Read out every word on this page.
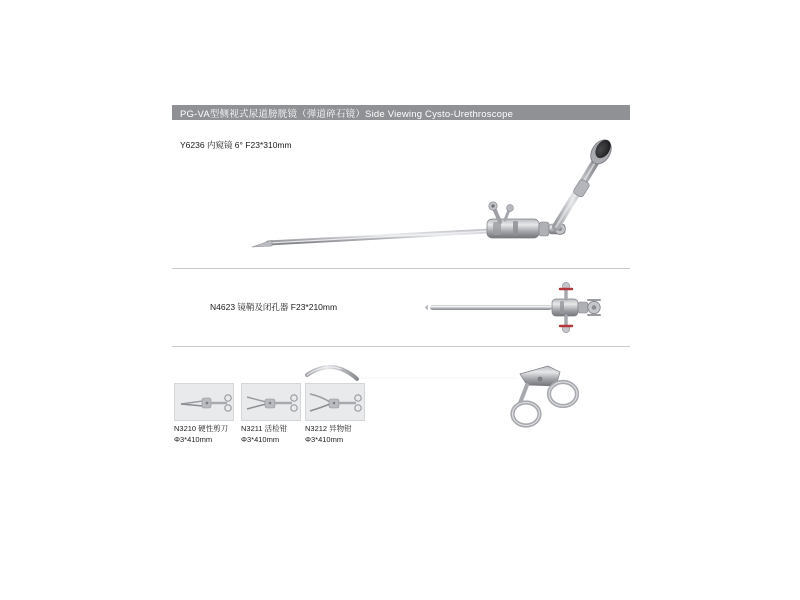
PG-VA型侧视式尿道膀胱镜（弹道碎石镜）Side Viewing Cysto-Urethroscope
Y6236 内窥镜 6° F23*310mm
N4623 镜鞘及闭孔器 F23*210mm
N3210 硬性剪刀
Φ3*410mm
N3211 活检钳
Φ3*410mm
N3212 异物钳
Φ3*410mm
